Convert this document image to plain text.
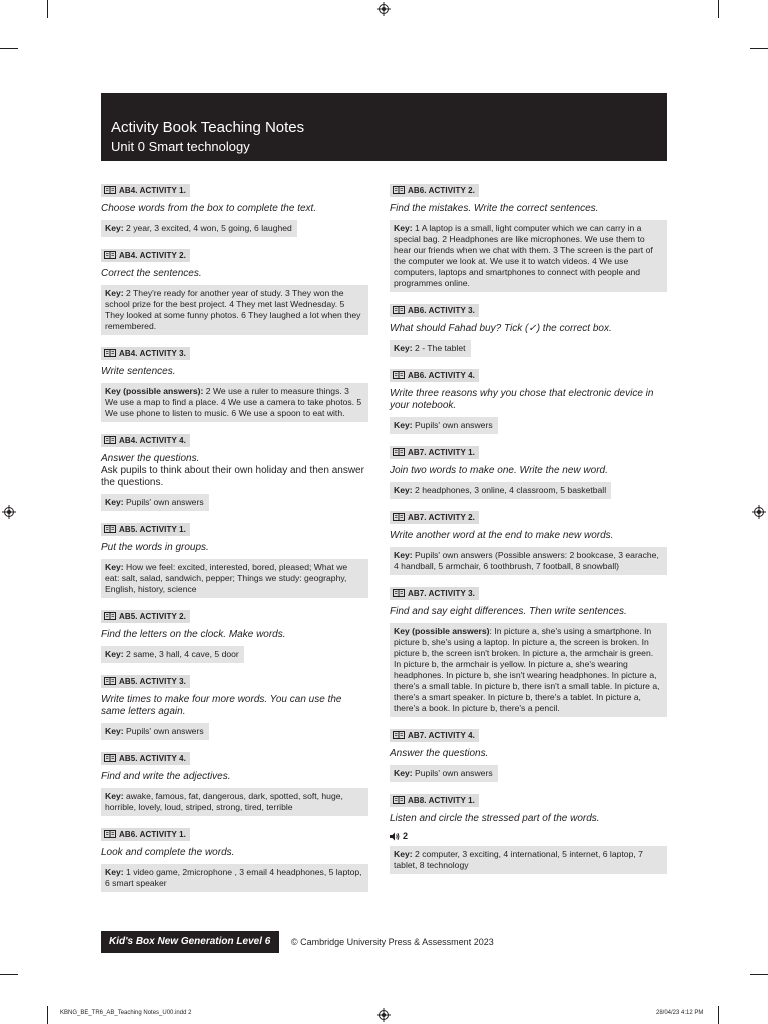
Activity Book Teaching Notes
Unit 0 Smart technology
AB4. ACTIVITY 1.
Choose words from the box to complete the text.
Key: 2 year, 3 excited, 4 won, 5 going, 6 laughed
AB4. ACTIVITY 2.
Correct the sentences.
Key: 2 They're ready for another year of study. 3 They won the school prize for the best project. 4 They met last Wednesday. 5 They looked at some funny photos. 6 They laughed a lot when they remembered.
AB4. ACTIVITY 3.
Write sentences.
Key (possible answers): 2 We use a ruler to measure things. 3 We use a map to find a place. 4 We use a camera to take photos. 5 We use phone to listen to music. 6 We use a spoon to eat with.
AB4. ACTIVITY 4.
Answer the questions.
Ask pupils to think about their own holiday and then answer the questions.
Key: Pupils' own answers
AB5. ACTIVITY 1.
Put the words in groups.
Key: How we feel: excited, interested, bored, pleased; What we eat: salt, salad, sandwich, pepper; Things we study: geography, English, history, science
AB5. ACTIVITY 2.
Find the letters on the clock. Make words.
Key: 2 same, 3 hall, 4 cave, 5 door
AB5. ACTIVITY 3.
Write times to make four more words. You can use the same letters again.
Key: Pupils' own answers
AB5. ACTIVITY 4.
Find and write the adjectives.
Key: awake, famous, fat, dangerous, dark, spotted, soft, huge, horrible, lovely, loud, striped, strong, tired, terrible
AB6. ACTIVITY 1.
Look and complete the words.
Key: 1 video game, 2microphone , 3 email 4 headphones, 5 laptop, 6 smart speaker
AB6. ACTIVITY 2.
Find the mistakes. Write the correct sentences.
Key: 1 A laptop is a small, light computer which we can carry in a special bag. 2 Headphones are like microphones. We use them to hear our friends when we chat with them. 3 The screen is the part of the computer we look at. We use it to watch videos. 4 We use computers, laptops and smartphones to connect with people and programmes online.
AB6. ACTIVITY 3.
What should Fahad buy? Tick (✓) the correct box.
Key: 2 - The tablet
AB6. ACTIVITY 4.
Write three reasons why you chose that electronic device in your notebook.
Key: Pupils' own answers
AB7. ACTIVITY 1.
Join two words to make one. Write the new word.
Key: 2 headphones, 3 online, 4 classroom, 5 basketball
AB7. ACTIVITY 2.
Write another word at the end to make new words.
Key: Pupils' own answers (Possible answers: 2 bookcase, 3 earache, 4 handball, 5 armchair, 6 toothbrush, 7 football, 8 snowball)
AB7. ACTIVITY 3.
Find and say eight differences. Then write sentences.
Key (possible answers): In picture a, she's using a smartphone. In picture b, she's using a laptop. In picture a, the screen is broken. In picture b, the screen isn't broken. In picture a, the armchair is green. In picture b, the armchair is yellow. In picture a, she's wearing headphones. In picture b, she isn't wearing headphones. In picture a, there's a small table. In picture b, there isn't a small table. In picture a, there's a smart speaker. In picture b, there's a tablet. In picture a, there's a book. In picture b, there's a pencil.
AB7. ACTIVITY 4.
Answer the questions.
Key: Pupils' own answers
AB8. ACTIVITY 1.
Listen and circle the stressed part of the words.
2
Key: 2 computer, 3 exciting, 4 international, 5 internet, 6 laptop, 7 tablet, 8 technology
Kid's Box New Generation Level 6	© Cambridge University Press & Assessment 2023
KBNG_BE_TR6_AB_Teaching Notes_U00.indd 2	28/04/23 4:12 PM
